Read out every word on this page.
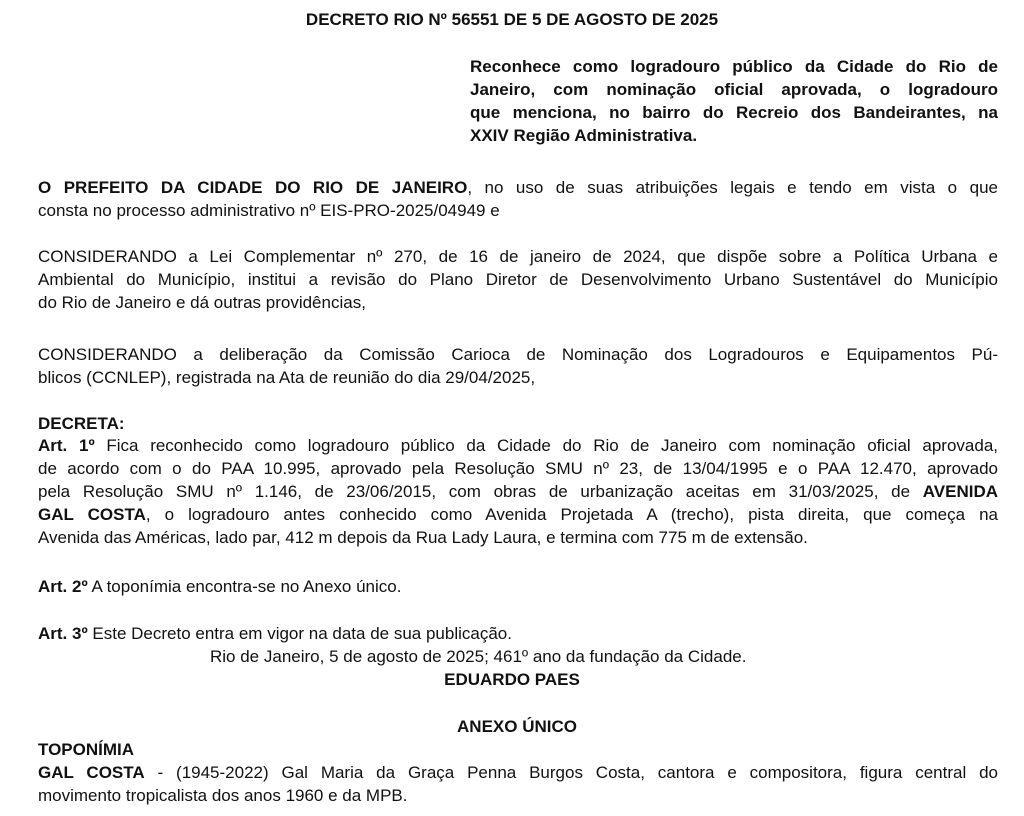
DECRETO RIO Nº 56551 DE 5 DE AGOSTO DE 2025
Reconhece como logradouro público da Cidade do Rio de
Janeiro, com nominação oficial aprovada, o logradouro
que menciona, no bairro do Recreio dos Bandeirantes, na
XXIV Região Administrativa.
O PREFEITO DA CIDADE DO RIO DE JANEIRO, no uso de suas atribuições legais e tendo em vista o que
consta no processo administrativo nº EIS-PRO-2025/04949 e
CONSIDERANDO a Lei Complementar nº 270, de 16 de janeiro de 2024, que dispõe sobre a Política Urbana e
Ambiental do Município, institui a revisão do Plano Diretor de Desenvolvimento Urbano Sustentável do Município
do Rio de Janeiro e dá outras providências,
CONSIDERANDO a deliberação da Comissão Carioca de Nominação dos Logradouros e Equipamentos Pú-
blicos (CCNLEP), registrada na Ata de reunião do dia 29/04/2025,
DECRETA:
Art. 1º Fica reconhecido como logradouro público da Cidade do Rio de Janeiro com nominação oficial aprovada,
de acordo com o do PAA 10.995, aprovado pela Resolução SMU nº 23, de 13/04/1995 e o PAA 12.470, aprovado
pela Resolução SMU nº 1.146, de 23/06/2015, com obras de urbanização aceitas em 31/03/2025, de AVENIDA
GAL COSTA, o logradouro antes conhecido como Avenida Projetada A (trecho), pista direita, que começa na
Avenida das Américas, lado par, 412 m depois da Rua Lady Laura, e termina com 775 m de extensão.
Art. 2º A toponímia encontra-se no Anexo único.
Art. 3º Este Decreto entra em vigor na data de sua publicação.
Rio de Janeiro, 5 de agosto de 2025; 461º ano da fundação da Cidade.
EDUARDO PAES
ANEXO ÚNICO
TOPONÍMIA
GAL COSTA - (1945-2022) Gal Maria da Graça Penna Burgos Costa, cantora e compositora, figura central do
movimento tropicalista dos anos 1960 e da MPB.
